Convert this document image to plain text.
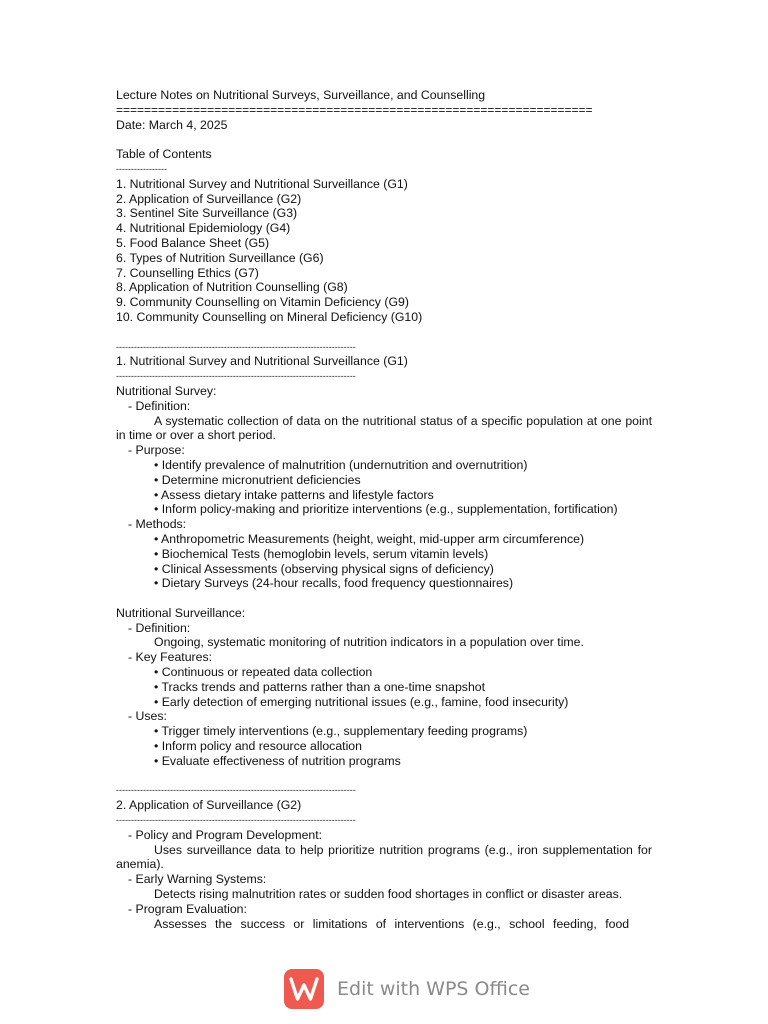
Lecture Notes on Nutritional Surveys, Surveillance, and Counselling
====================================================================
Date: March 4, 2025
Table of Contents
-----------------
1. Nutritional Survey and Nutritional Surveillance (G1)
2. Application of Surveillance (G2)
3. Sentinel Site Surveillance (G3)
4. Nutritional Epidemiology (G4)
5. Food Balance Sheet (G5)
6. Types of Nutrition Surveillance (G6)
7. Counselling Ethics (G7)
8. Application of Nutrition Counselling (G8)
9. Community Counselling on Vitamin Deficiency (G9)
10. Community Counselling on Mineral Deficiency (G10)
--------------------------------------------------------------------------------
1. Nutritional Survey and Nutritional Surveillance (G1)
--------------------------------------------------------------------------------
Nutritional Survey:
- Definition:
A systematic collection of data on the nutritional status of a specific population at one point in time or over a short period.
- Purpose:
• Identify prevalence of malnutrition (undernutrition and overnutrition)
• Determine micronutrient deficiencies
• Assess dietary intake patterns and lifestyle factors
• Inform policy-making and prioritize interventions (e.g., supplementation, fortification)
- Methods:
• Anthropometric Measurements (height, weight, mid-upper arm circumference)
• Biochemical Tests (hemoglobin levels, serum vitamin levels)
• Clinical Assessments (observing physical signs of deficiency)
• Dietary Surveys (24-hour recalls, food frequency questionnaires)
Nutritional Surveillance:
- Definition:
Ongoing, systematic monitoring of nutrition indicators in a population over time.
- Key Features:
• Continuous or repeated data collection
• Tracks trends and patterns rather than a one-time snapshot
• Early detection of emerging nutritional issues (e.g., famine, food insecurity)
- Uses:
• Trigger timely interventions (e.g., supplementary feeding programs)
• Inform policy and resource allocation
• Evaluate effectiveness of nutrition programs
--------------------------------------------------------------------------------
2. Application of Surveillance (G2)
--------------------------------------------------------------------------------
- Policy and Program Development:
Uses surveillance data to help prioritize nutrition programs (e.g., iron supplementation for anemia).
- Early Warning Systems:
Detects rising malnutrition rates or sudden food shortages in conflict or disaster areas.
- Program Evaluation:
Assesses the success or limitations of interventions (e.g., school feeding, food
Edit with WPS Office
